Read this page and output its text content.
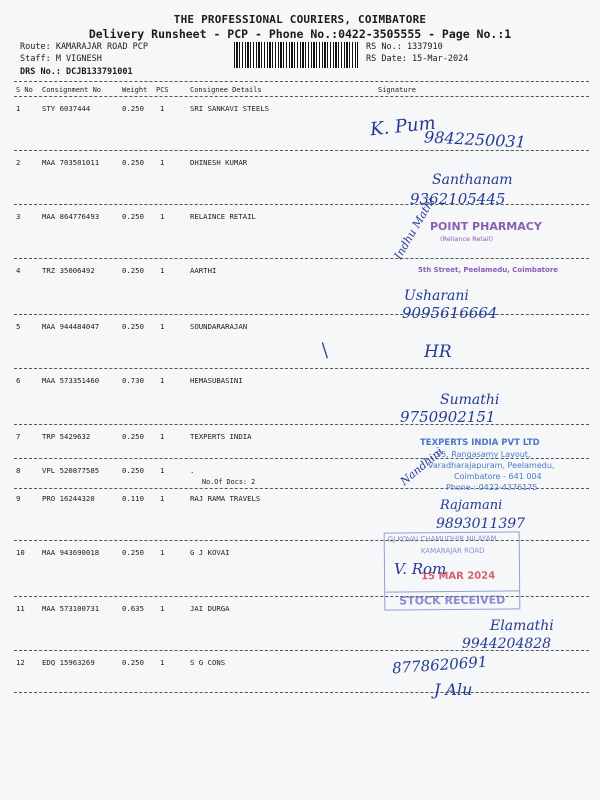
THE PROFESSIONAL COURIERS, COIMBATORE
Delivery Runsheet - PCP - Phone No.:0422-3505555 - Page No.:1
Route: KAMARAJAR ROAD PCP
Staff: M VIGNESH
DRS No.: DCJB133791001
RS No.: 1337910
RS Date: 15-Mar-2024
S No Consignment No	Weight PCS	Consignee Details	Signature
1	STY 6037444	0.250 1	SRI SANKAVI STEELS
2	MAA 703501011	0.250 1	DHINESH KUMAR
3	MAA 864776493	0.250 1	RELAINCE RETAIL
4	TRZ 35006492	0.250 1	AARTHI
5	MAA 944484047	0.250 1	SOUNDARARAJAN
6	MAA 573351460	0.730 1	HEMASUBASINI
7	TRP 5429632	0.250 1	TEXPERTS INDIA
8	VPL 520877585	0.250 1	.
9	PRO 16244320	0.110 1	RAJ RAMA TRAVELS
10 MAA 943690018	0.250 1	G J KOVAI
11 MAA 573100731	0.635 1	JAI DURGA
12 EDQ 15963269	0.250 1	S G CONS
No.Of Docs: 2
POINT PHARMACY
(Reliance Retail)
5th Street, Peelamedu, Coimbatore
TEXPERTS INDIA PVT LTD
55, Rangasamy Layout,
Varadharajapuram, Peelamedu,
Coimbatore - 641 004
Phone : 0422-4376175
GJ KOVAI CHAMUDHIR NILAYAM
KAMARAJAR ROAD
15 MAR 2024
STOCK RECEIVED
K. Pum
9842250031
Santhanam
9362105445
Indhu Mathi
Usharani
9095616664
/	HR
Sumathi
9750902151
Nandhini
Rajamani
9893011397
V. Rom
Elamathi
9944204828
8778620691
J Alu
